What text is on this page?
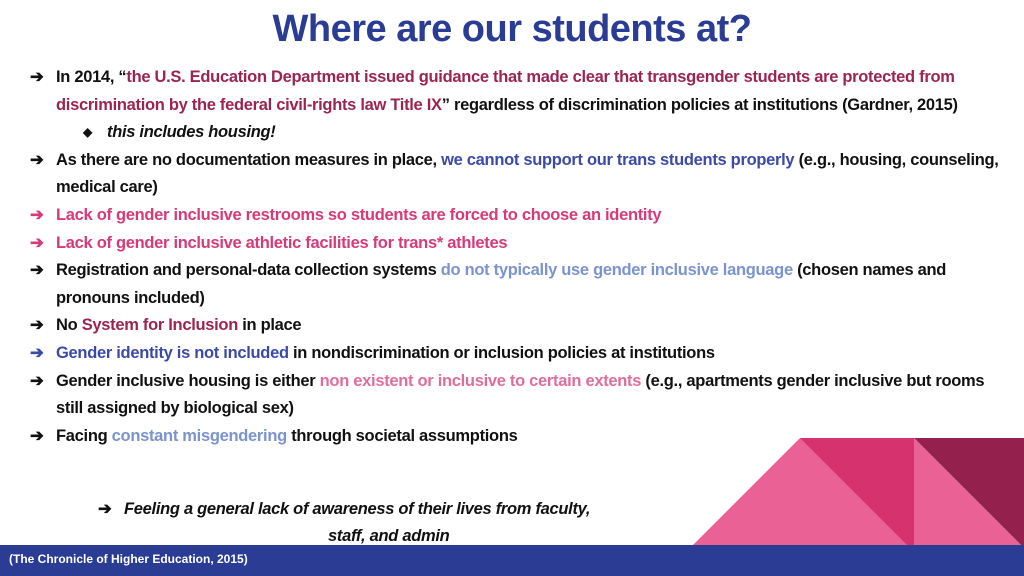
Where are our students at?
➔ In 2014, “the U.S. Education Department issued guidance that made clear that transgender students are protected from discrimination by the federal civil-rights law Title IX” regardless of discrimination policies at institutions (Gardner, 2015)
◆ this includes housing!
➔ As there are no documentation measures in place, we cannot support our trans students properly (e.g., housing, counseling, medical care)
➔ Lack of gender inclusive restrooms so students are forced to choose an identity
➔ Lack of gender inclusive athletic facilities for trans* athletes
➔ Registration and personal-data collection systems do not typically use gender inclusive language (chosen names and pronouns included)
➔ No System for Inclusion in place
➔ Gender identity is not included in nondiscrimination or inclusion policies at institutions
➔ Gender inclusive housing is either non existent or inclusive to certain extents (e.g., apartments gender inclusive but rooms still assigned by biological sex)
➔ Facing constant misgendering through societal assumptions
➔ Feeling a general lack of awareness of their lives from faculty,
staff, and admin
(The Chronicle of Higher Education, 2015)
